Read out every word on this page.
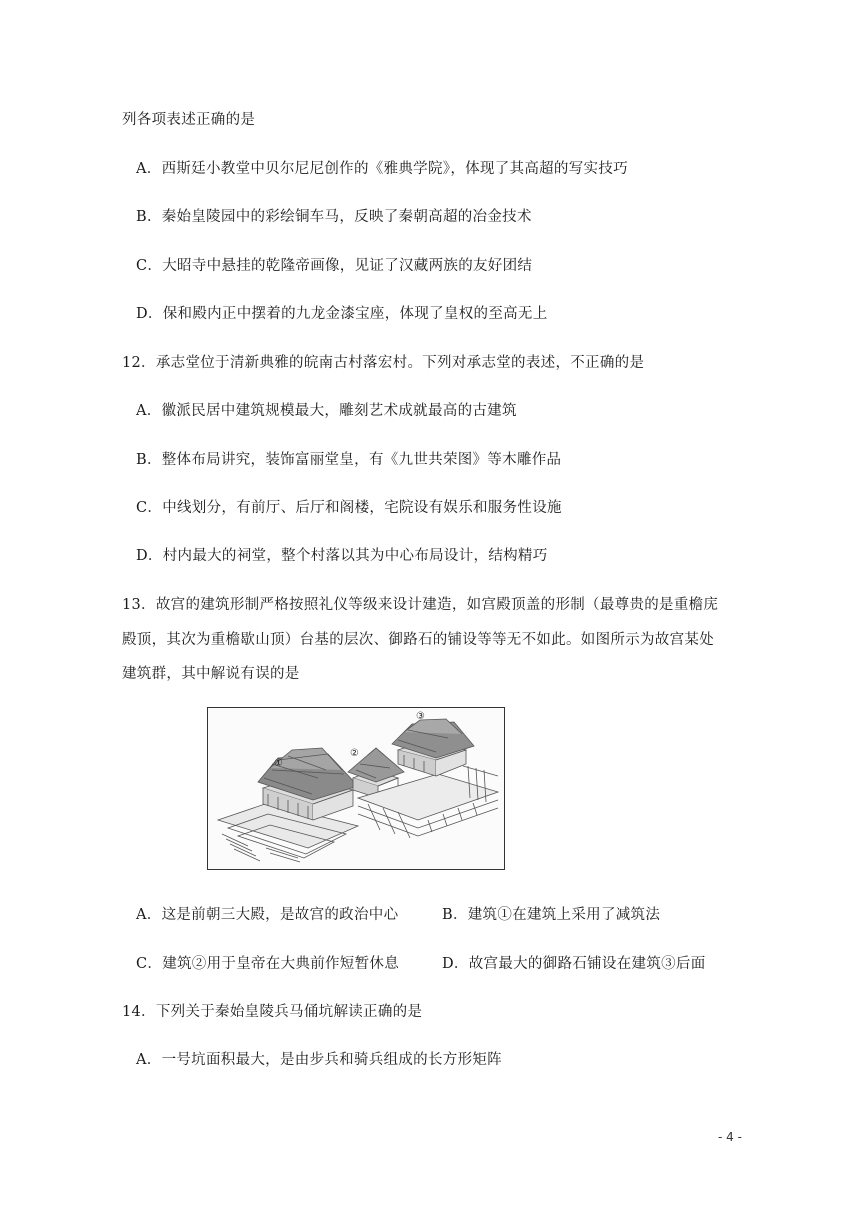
列各项表述正确的是
A．西斯廷小教堂中贝尔尼尼创作的《雅典学院》，体现了其高超的写实技巧
B．秦始皇陵园中的彩绘铜车马，反映了秦朝高超的冶金技术
C．大昭寺中悬挂的乾隆帝画像，见证了汉藏两族的友好团结
D．保和殿内正中摆着的九龙金漆宝座，体现了皇权的至高无上
12．承志堂位于清新典雅的皖南古村落宏村。下列对承志堂的表述，不正确的是
A．徽派民居中建筑规模最大，雕刻艺术成就最高的古建筑
B．整体布局讲究，装饰富丽堂皇，有《九世共荣图》等木雕作品
C．中线划分，有前厅、后厅和阁楼，宅院设有娱乐和服务性设施
D．村内最大的祠堂，整个村落以其为中心布局设计，结构精巧
13．故宫的建筑形制严格按照礼仪等级来设计建造，如宫殿顶盖的形制（最尊贵的是重檐庑
殿顶，其次为重檐歇山顶）台基的层次、御路石的铺设等等无不如此。如图所示为故宫某处
建筑群，其中解说有误的是
①
②
③
A．这是前朝三大殿，是故宫的政治中心	B．建筑①在建筑上采用了减筑法
C．建筑②用于皇帝在大典前作短暂休息	D．故宫最大的御路石铺设在建筑③后面
14．下列关于秦始皇陵兵马俑坑解读正确的是
A．一号坑面积最大，是由步兵和骑兵组成的长方形矩阵
- 4 -
